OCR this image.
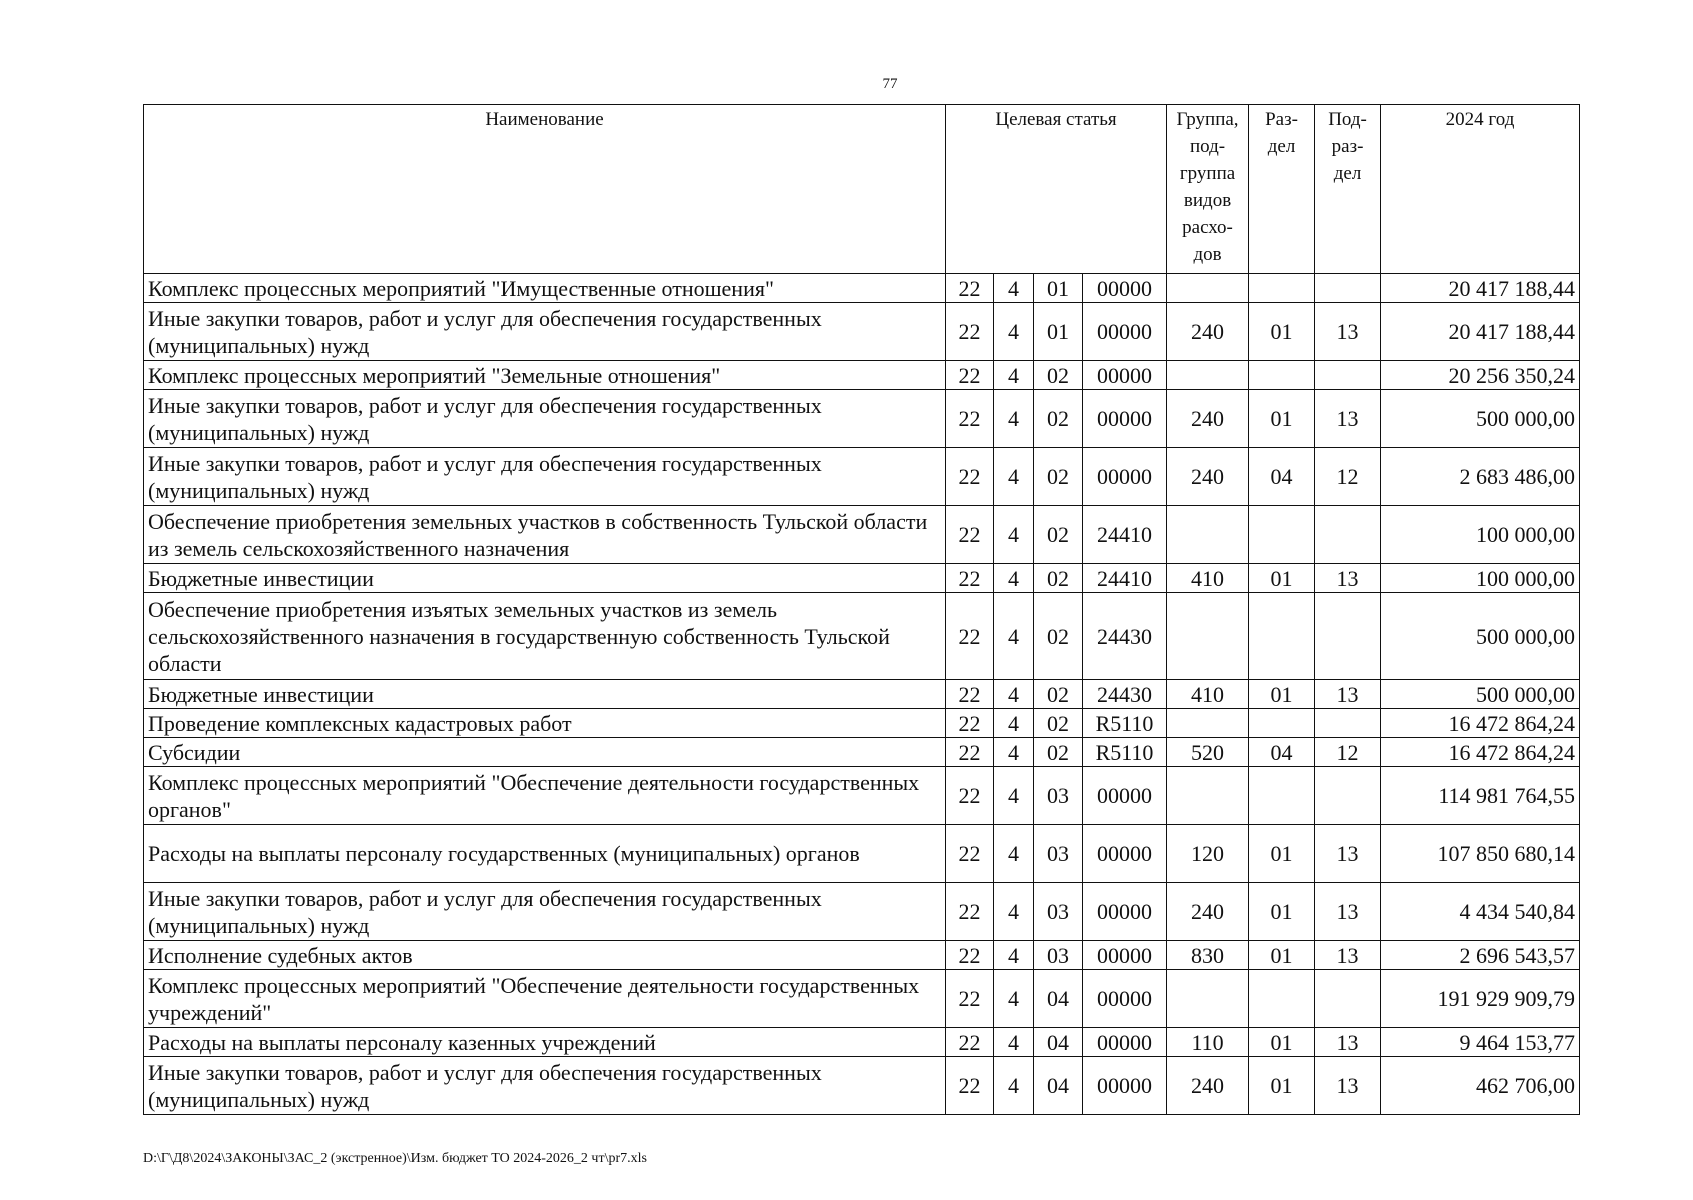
77
Наименование	Целевая статья				Группа, под- группа видов расхо- дов	Раз- дел	Под- раз- дел	2024 год
Комплекс процессных мероприятий "Имущественные отношения"	22	4	01	00000				20 417 188,44
Иные закупки товаров, работ и услуг для обеспечения государственных (муниципальных) нужд	22	4	01	00000	240	01	13	20 417 188,44
Комплекс процессных мероприятий "Земельные отношения"	22	4	02	00000				20 256 350,24
Иные закупки товаров, работ и услуг для обеспечения государственных (муниципальных) нужд	22	4	02	00000	240	01	13	500 000,00
Иные закупки товаров, работ и услуг для обеспечения государственных (муниципальных) нужд	22	4	02	00000	240	04	12	2 683 486,00
Обеспечение приобретения земельных участков в собственность Тульской области из земель сельскохозяйственного назначения	22	4	02	24410				100 000,00
Бюджетные инвестиции	22	4	02	24410	410	01	13	100 000,00
Обеспечение приобретения изъятых земельных участков из земель сельскохозяйственного назначения в государственную собственность Тульской области	22	4	02	24430				500 000,00
Бюджетные инвестиции	22	4	02	24430	410	01	13	500 000,00
Проведение комплексных кадастровых работ	22	4	02	R5110				16 472 864,24
Субсидии	22	4	02	R5110	520	04	12	16 472 864,24
Комплекс процессных мероприятий "Обеспечение деятельности государственных органов"	22	4	03	00000				114 981 764,55
Расходы на выплаты персоналу государственных (муниципальных) органов	22	4	03	00000	120	01	13	107 850 680,14
Иные закупки товаров, работ и услуг для обеспечения государственных (муниципальных) нужд	22	4	03	00000	240	01	13	4 434 540,84
Исполнение судебных актов	22	4	03	00000	830	01	13	2 696 543,57
Комплекс процессных мероприятий "Обеспечение деятельности государственных учреждений"	22	4	04	00000				191 929 909,79
Расходы на выплаты персоналу казенных учреждений	22	4	04	00000	110	01	13	9 464 153,77
Иные закупки товаров, работ и услуг для обеспечения государственных (муниципальных) нужд	22	4	04	00000	240	01	13	462 706,00
D:\Г\Д8\2024\ЗАКОНЫ\ЗАС_2 (экстренное)\Изм. бюджет ТО 2024-2026_2 чт\pr7.xls
